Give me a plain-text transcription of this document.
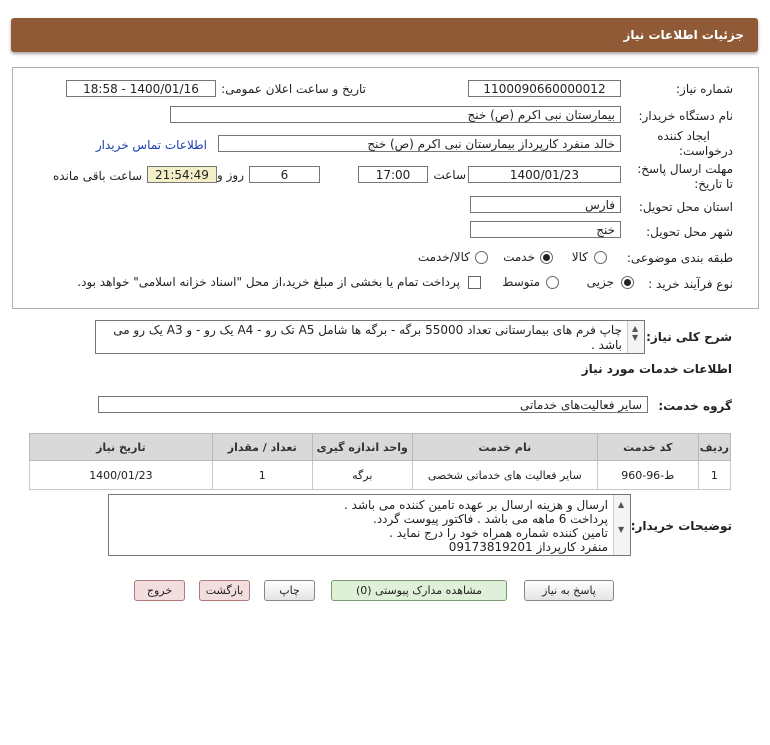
جزئیات اطلاعات نیاز
شماره نیاز:
1100090660000012
تاریخ و ساعت اعلان عمومی:
1400/01/16 - 18:58
نام دستگاه خریدار:
بیمارستان نبی اکرم (ص) خنج
ایجاد کننده
درخواست:
خالد منفرد کارپرداز بیمارستان نبی اکرم (ص) خنج
اطلاعات تماس خریدار
مهلت ارسال پاسخ:
تا تاریخ:
1400/01/23
ساعت
17:00
6
روز و
21:54:49
ساعت باقی مانده
استان محل تحویل:
فارس
شهر محل تحویل:
خنج
طبقه بندی موضوعی:
کالا
خدمت
کالا/خدمت
نوع فرآیند خرید :
جزیی
متوسط
پرداخت تمام یا بخشی از مبلغ خرید،از محل "اسناد خزانه اسلامی" خواهد بود.
شرح کلی نیاز:
▲
▼
چاپ فرم های بیمارستانی تعداد 55000 برگه - برگه ها شامل A5 تک رو - A4 یک رو - و A3 یک رو می
باشد .
اطلاعات خدمات مورد نیاز
گروه خدمت:
سایر فعالیت‌های خدماتی
ردیف	کد خدمت	نام خدمت	واحد اندازه گیری	تعداد / مقدار	تاریخ نیاز
1	ط-96-960	سایر فعالیت های خدماتی شخصی	برگه	1	1400/01/23
توضیحات خریدار:
▲
▼
ارسال و هزینه ارسال بر عهده تامین کننده می باشد .
پرداخت 6 ماهه می باشد . فاکتور پیوست گردد.
تامین کننده شماره همراه خود را درج نماید .
منفرد کارپرداز 09173819201
پاسخ به نیاز
مشاهده مدارک پیوستی (0)
چاپ
بازگشت
خروج
